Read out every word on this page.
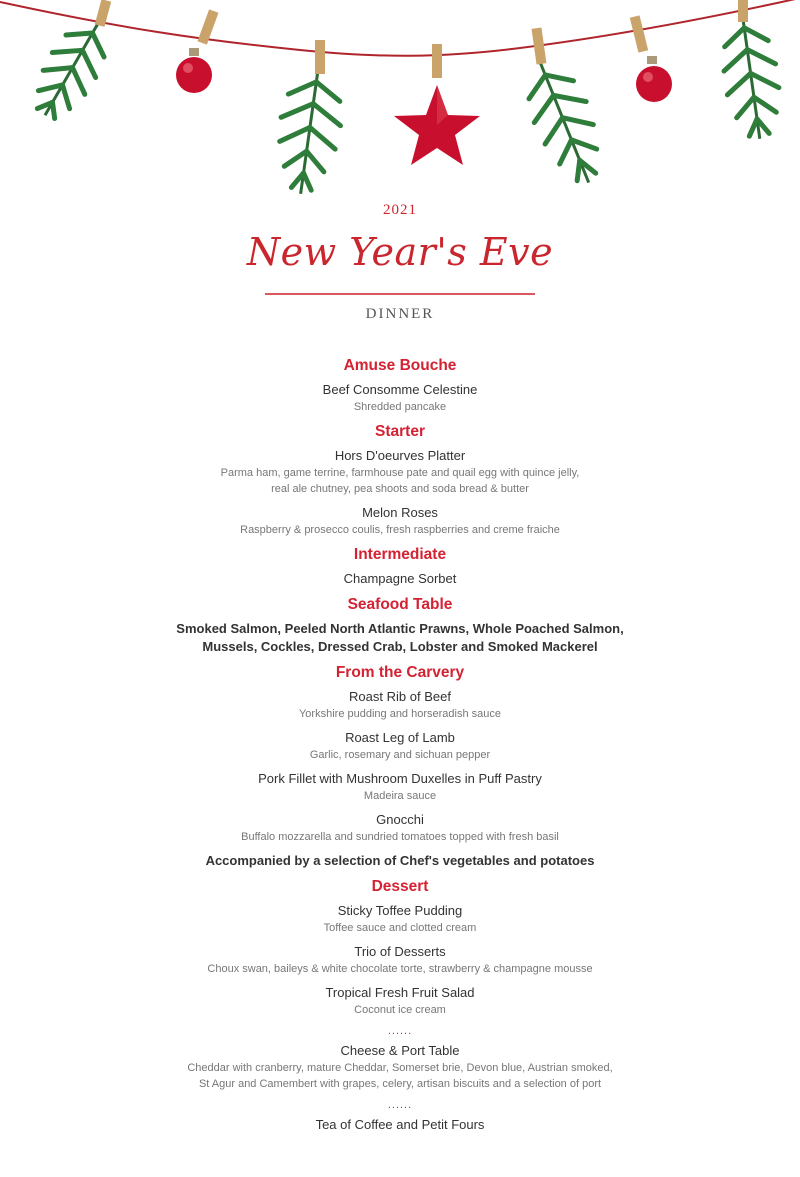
2021
New Year's Eve
DINNER
Amuse Bouche
Beef Consomme Celestine
Shredded pancake
Starter
Hors D'oeurves Platter
Parma ham, game terrine, farmhouse pate and quail egg with quince jelly,
real ale chutney, pea shoots and soda bread & butter
Melon Roses
Raspberry & prosecco coulis, fresh raspberries and creme fraiche
Intermediate
Champagne Sorbet
Seafood Table
Smoked Salmon, Peeled North Atlantic Prawns, Whole Poached Salmon,
Mussels, Cockles, Dressed Crab, Lobster and Smoked Mackerel
From the Carvery
Roast Rib of Beef
Yorkshire pudding and horseradish sauce
Roast Leg of Lamb
Garlic, rosemary and sichuan pepper
Pork Fillet with Mushroom Duxelles in Puff Pastry
Madeira sauce
Gnocchi
Buffalo mozzarella and sundried tomatoes topped with fresh basil
Accompanied by a selection of Chef's vegetables and potatoes
Dessert
Sticky Toffee Pudding
Toffee sauce and clotted cream
Trio of Desserts
Choux swan, baileys & white chocolate torte, strawberry & champagne mousse
Tropical Fresh Fruit Salad
Coconut ice cream
......
Cheese & Port Table
Cheddar with cranberry, mature Cheddar, Somerset brie, Devon blue, Austrian smoked,
St Agur and Camembert with grapes, celery, artisan biscuits and a selection of port
......
Tea of Coffee and Petit Fours
